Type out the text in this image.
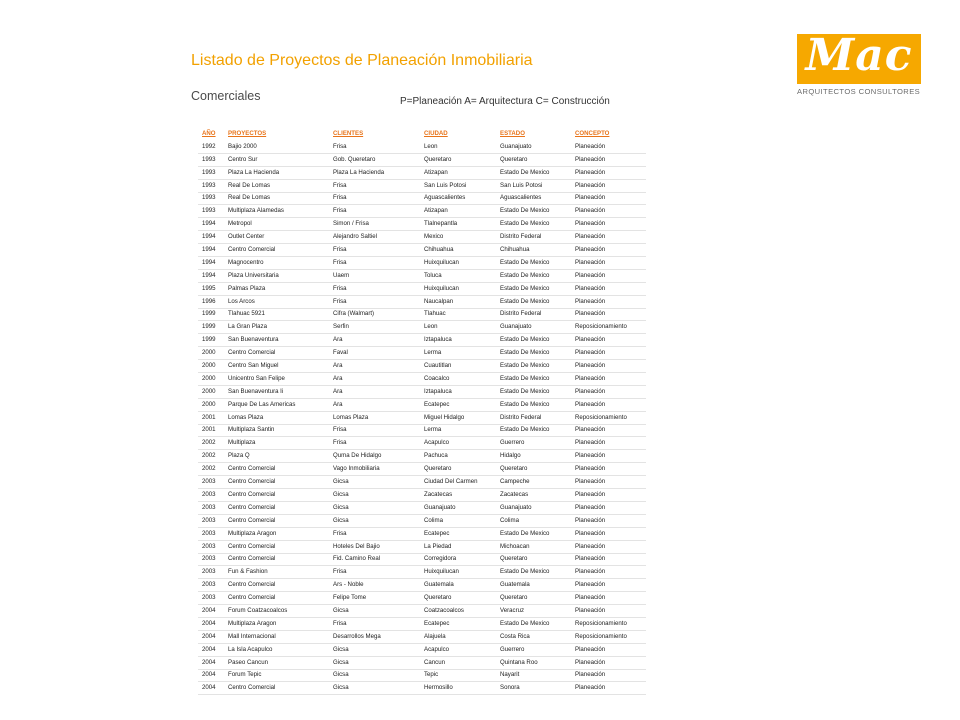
Listado de Proyectos de Planeación Inmobiliaria
Comerciales	P=Planeación A= Arquitectura C= Construcción
Mac
ARQUITECTOS CONSULTORES
AÑO	PROYECTOS	CLIENTES	CIUDAD	ESTADO	CONCEPTO
1992	Bajio 2000	Frisa	Leon	Guanajuato	Planeación
1993	Centro Sur	Gob. Queretaro	Queretaro	Queretaro	Planeación
1993	Plaza La Hacienda	Plaza La Hacienda	Atizapan	Estado De Mexico	Planeación
1993	Real De Lomas	Frisa	San Luis Potosi	San Luis Potosi	Planeación
1993	Real De Lomas	Frisa	Aguascalientes	Aguascalientes	Planeación
1993	Multiplaza Alamedas	Frisa	Atizapan	Estado De Mexico	Planeación
1994	Metropol	Simon / Frisa	Tlalnepantla	Estado De Mexico	Planeación
1994	Outlet Center	Alejandro Saltiel	Mexico	Distrito Federal	Planeación
1994	Centro Comercial	Frisa	Chihuahua	Chihuahua	Planeación
1994	Magnocentro	Frisa	Huixquilucan	Estado De Mexico	Planeación
1994	Plaza Universitaria	Uaem	Toluca	Estado De Mexico	Planeación
1995	Palmas Plaza	Frisa	Huixquilucan	Estado De Mexico	Planeación
1996	Los Arcos	Frisa	Naucalpan	Estado De Mexico	Planeación
1999	Tlahuac 5921	Cifra (Walmart)	Tlahuac	Distrito Federal	Planeación
1999	La Gran Plaza	Serfin	Leon	Guanajuato	Reposicionamiento
1999	San Buenaventura	Ara	Iztapaluca	Estado De Mexico	Planeación
2000	Centro Comercial	Faval	Lerma	Estado De Mexico	Planeación
2000	Centro San Miguel	Ara	Cuautitlan	Estado De Mexico	Planeación
2000	Unicentro San Felipe	Ara	Coacalco	Estado De Mexico	Planeación
2000	San Buenaventura Ii	Ara	Iztapaluca	Estado De Mexico	Planeación
2000	Parque De Las Americas	Ara	Ecatepec	Estado De Mexico	Planeación
2001	Lomas Plaza	Lomas Plaza	Miguel Hidalgo	Distrito Federal	Reposicionamiento
2001	Multiplaza Santin	Frisa	Lerma	Estado De Mexico	Planeación
2002	Multiplaza	Frisa	Acapulco	Guerrero	Planeación
2002	Plaza Q	Quma De Hidalgo	Pachuca	Hidalgo	Planeación
2002	Centro Comercial	Vago Inmobiliaria	Queretaro	Queretaro	Planeación
2003	Centro Comercial	Gicsa	Ciudad Del Carmen	Campeche	Planeación
2003	Centro Comercial	Gicsa	Zacatecas	Zacatecas	Planeación
2003	Centro Comercial	Gicsa	Guanajuato	Guanajuato	Planeación
2003	Centro Comercial	Gicsa	Colima	Colima	Planeación
2003	Multiplaza Aragon	Frisa	Ecatepec	Estado De Mexico	Planeación
2003	Centro Comercial	Hoteles Del Bajio	La Piedad	Michoacan	Planeación
2003	Centro Comercial	Fid. Camino Real	Corregidora	Queretaro	Planeación
2003	Fun & Fashion	Frisa	Huixquilucan	Estado De Mexico	Planeación
2003	Centro Comercial	Ars - Noble	Guatemala	Guatemala	Planeación
2003	Centro Comercial	Felipe Tome	Queretaro	Queretaro	Planeación
2004	Forum Coatzacoalcos	Gicsa	Coatzacoalcos	Veracruz	Planeación
2004	Multiplaza Aragon	Frisa	Ecatepec	Estado De Mexico	Reposicionamiento
2004	Mall Internacional	Desarrollos Mega	Alajuela	Costa Rica	Reposicionamiento
2004	La Isla Acapulco	Gicsa	Acapulco	Guerrero	Planeación
2004	Paseo Cancun	Gicsa	Cancun	Quintana Roo	Planeación
2004	Forum Tepic	Gicsa	Tepic	Nayarit	Planeación
2004	Centro Comercial	Gicsa	Hermosillo	Sonora	Planeación
